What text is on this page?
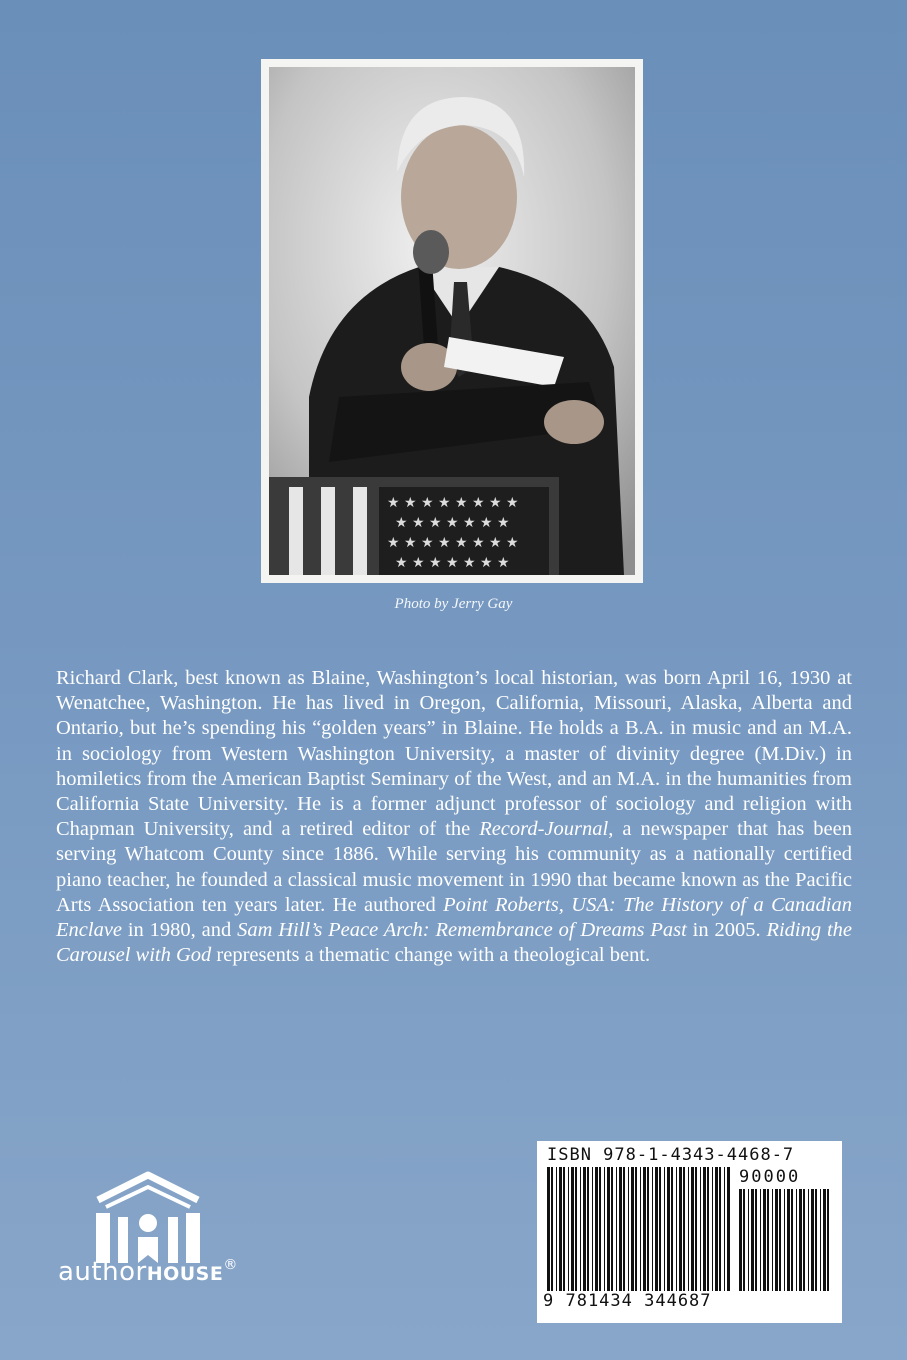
★ ★ ★ ★ ★ ★ ★ ★
★ ★ ★ ★ ★ ★ ★
★ ★ ★ ★ ★ ★ ★ ★
★ ★ ★ ★ ★ ★ ★
Photo by Jerry Gay

Richard Clark, best known as Blaine, Washington’s local historian, was born April 16, 1930 at Wenatchee, Washington. He has lived in Oregon, California, Missouri, Alaska, Alberta and Ontario, but he’s spending his “golden years” in Blaine. He holds a B.A. in music and an M.A. in sociology from Western Washington University, a master of divinity degree (M.Div.) in homiletics from the American Baptist Seminary of the West, and an M.A. in the humanities from California State University. He is a former adjunct professor of sociology and religion with Chapman University, and a retired editor of the Record-Journal, a newspaper that has been serving Whatcom County since 1886. While serving his community as a nationally certified piano teacher, he founded a classical music movement in 1990 that became known as the Pacific Arts Association ten years later. He authored Point Roberts, USA: The History of a Canadian Enclave in 1980, and Sam Hill’s Peace Arch: Remembrance of Dreams Past in 2005. Riding the Carousel with God represents a thematic change with a theological bent.

authorHOUSE®
ISBN 978-1-4343-4468-7
90000
9 781434 344687
